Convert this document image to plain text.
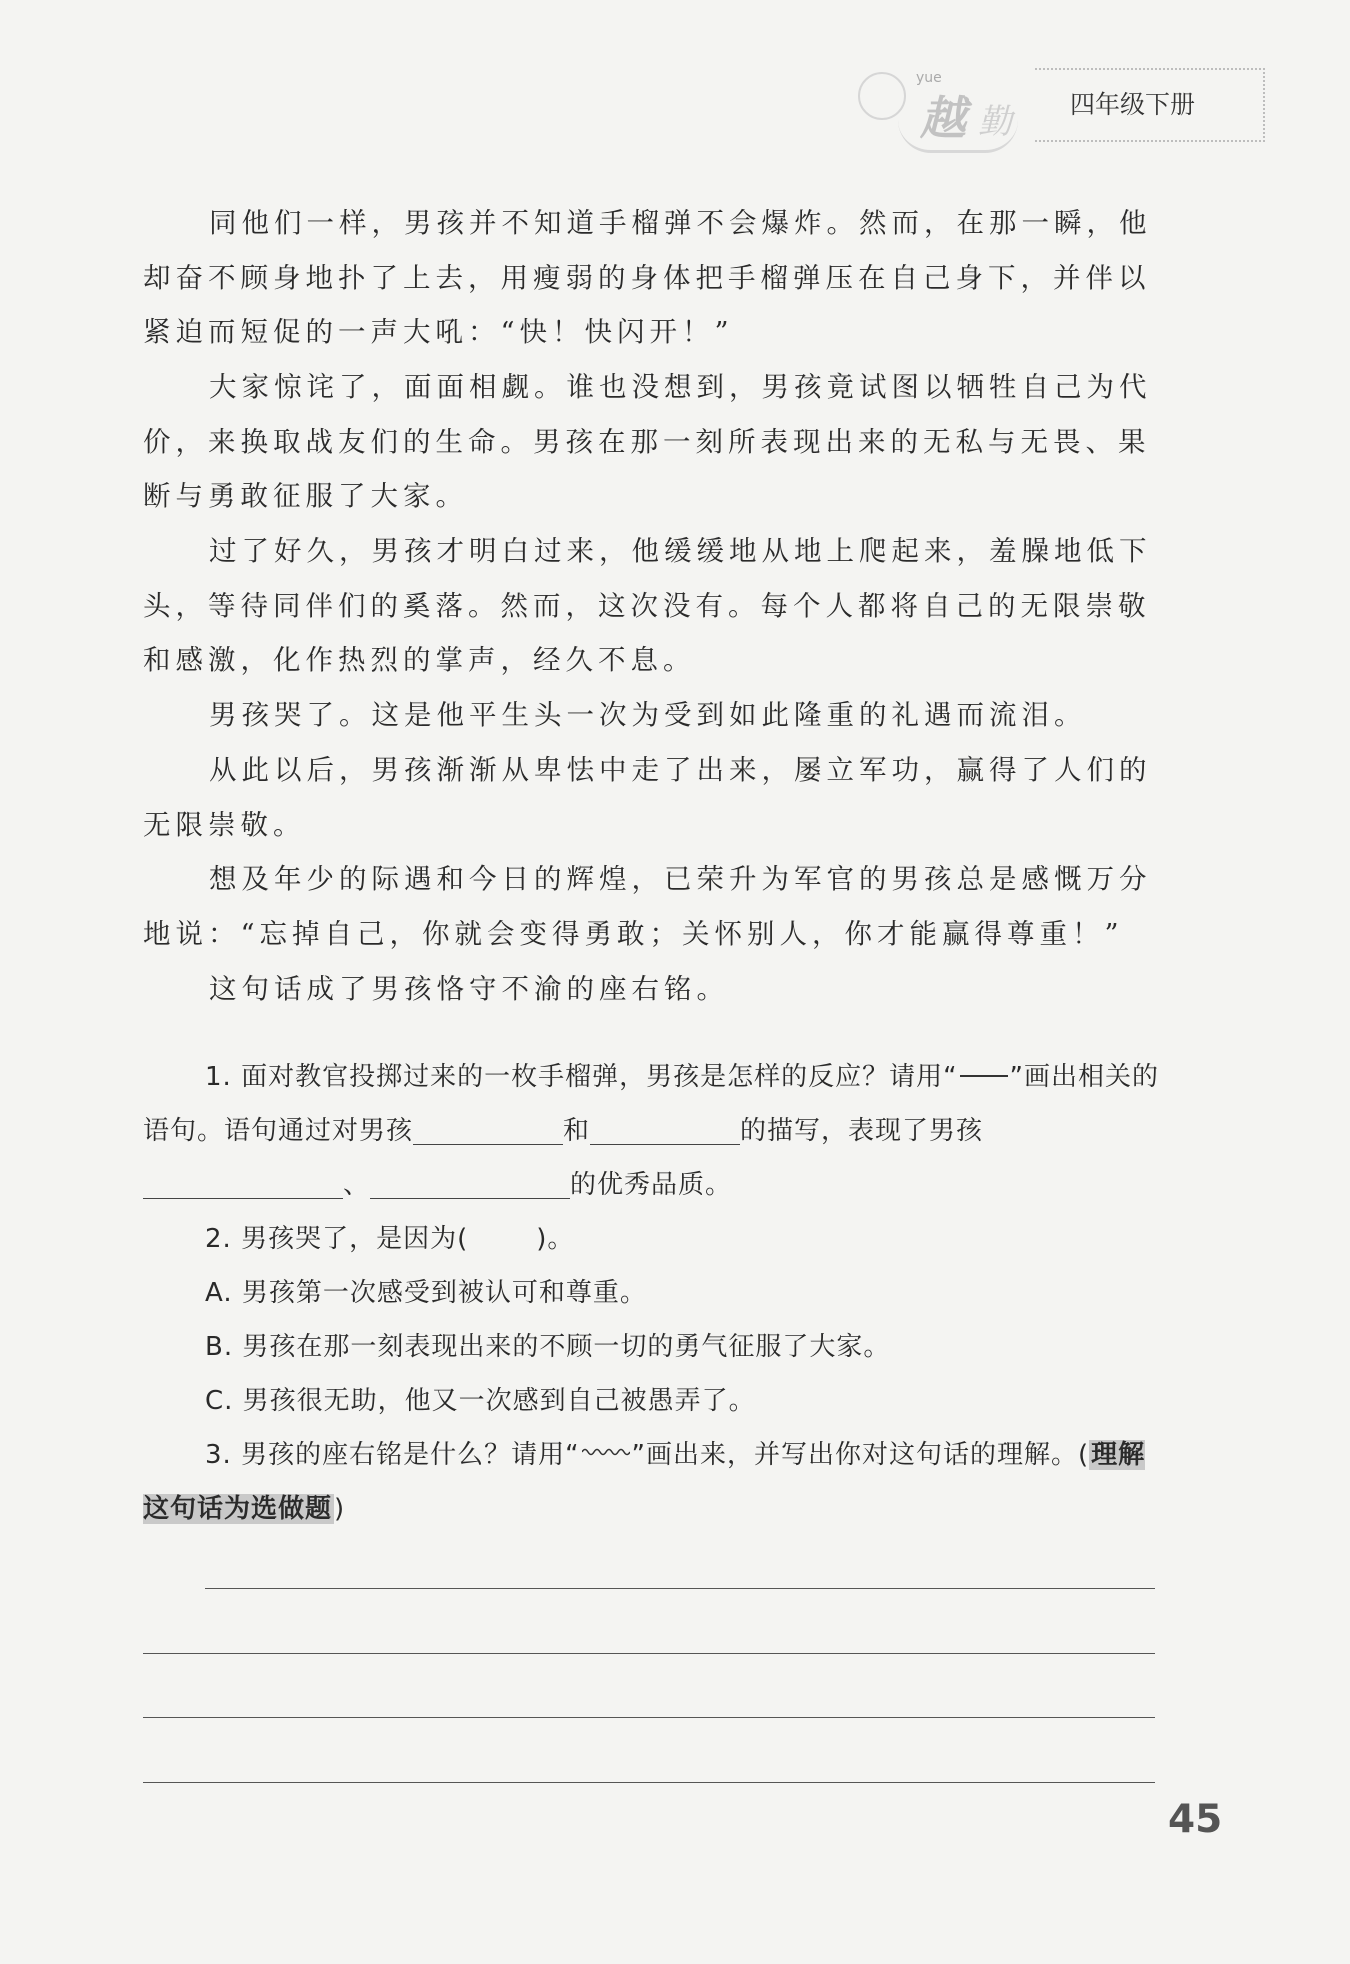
yue
越 勤 四年级下册

同他们一样，男孩并不知道手榴弹不会爆炸。然而，在那一瞬，他却奋不顾身地扑了上去，用瘦弱的身体把手榴弹压在自己身下，并伴以紧迫而短促的一声大吼：“快！快闪开！”

大家惊诧了，面面相觑。谁也没想到，男孩竟试图以牺牲自己为代价，来换取战友们的生命。男孩在那一刻所表现出来的无私与无畏、果断与勇敢征服了大家。

过了好久，男孩才明白过来，他缓缓地从地上爬起来，羞臊地低下头，等待同伴们的奚落。然而，这次没有。每个人都将自己的无限崇敬和感激，化作热烈的掌声，经久不息。

男孩哭了。这是他平生头一次为受到如此隆重的礼遇而流泪。

从此以后，男孩渐渐从卑怯中走了出来，屡立军功，赢得了人们的无限崇敬。

想及年少的际遇和今日的辉煌，已荣升为军官的男孩总是感慨万分地说：“忘掉自己，你就会变得勇敢；关怀别人，你才能赢得尊重！”

这句话成了男孩恪守不渝的座右铭。

1. 面对教官投掷过来的一枚手榴弹，男孩是怎样的反应？请用“ ”画出相关的语句。语句通过对男孩	和	的描写，表现了男孩、	的优秀品质。

2. 男孩哭了，是因为(	)。

A. 男孩第一次感受到被认可和尊重。

B. 男孩在那一刻表现出来的不顾一切的勇气征服了大家。

C. 男孩很无助，他又一次感到自己被愚弄了。

3. 男孩的座右铭是什么？请用“ ”画出来，并写出你对这句话的理解。(理解这句话为选做题)

45
